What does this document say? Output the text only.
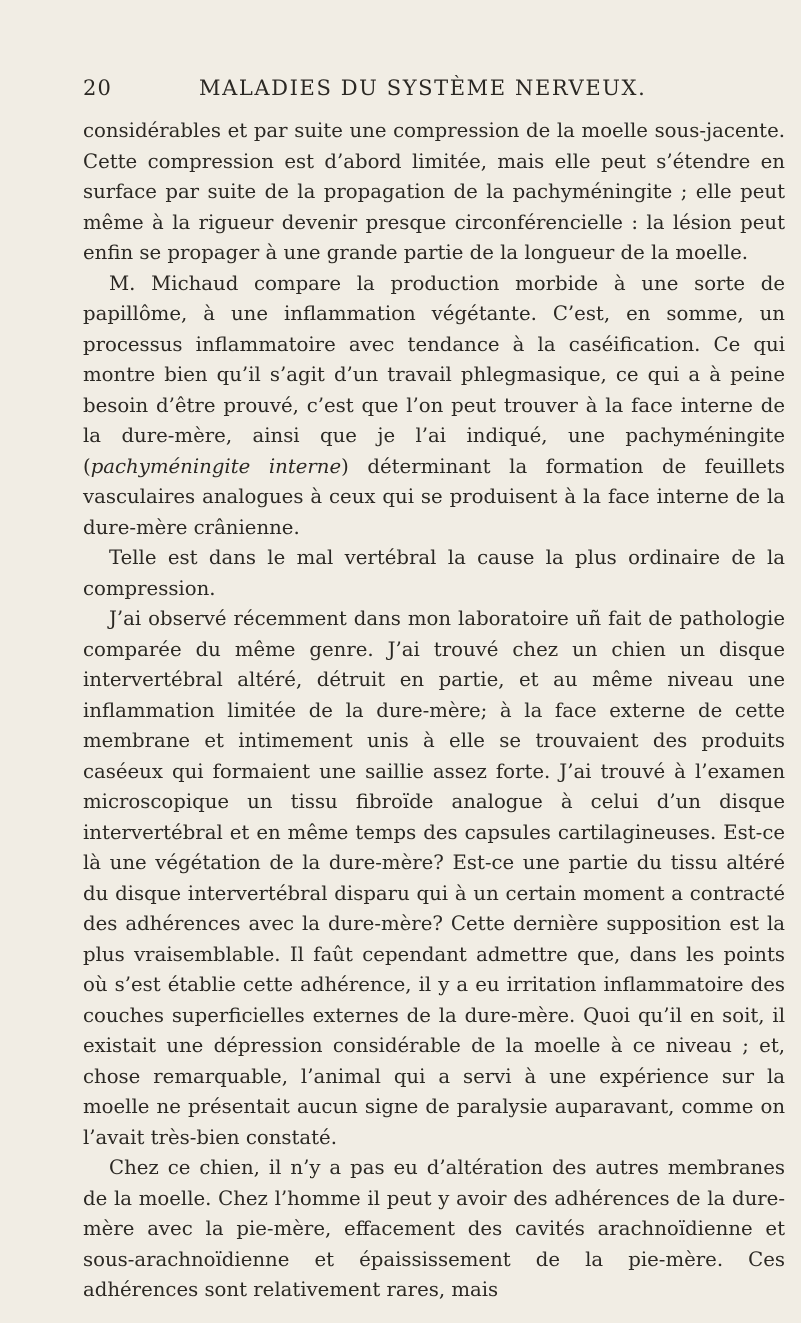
20	MALADIES DU SYSTÈME NERVEUX.

considérables et par suite une compression de la moelle sous-jacente. Cette compression est d’abord limitée, mais elle peut s’étendre en surface par suite de la propagation de la pachyméningite ; elle peut même à la rigueur devenir presque circonférencielle : la lésion peut enfin se propager à une grande partie de la longueur de la moelle.

M. Michaud compare la production morbide à une sorte de papillôme, à une inflammation végétante. C’est, en somme, un processus inflammatoire avec tendance à la caséification. Ce qui montre bien qu’il s’agit d’un travail phlegmasique, ce qui a à peine besoin d’être prouvé, c’est que l’on peut trouver à la face interne de la dure-mère, ainsi que je l’ai indiqué, une pachyméningite (pachyméningite interne) déterminant la formation de feuillets vasculaires analogues à ceux qui se produisent à la face interne de la dure-mère crânienne.

Telle est dans le mal vertébral la cause la plus ordinaire de la compression.

J’ai observé récemment dans mon laboratoire uñ fait de pathologie comparée du même genre. J’ai trouvé chez un chien un disque intervertébral altéré, détruit en partie, et au même niveau une inflammation limitée de la dure-mère; à la face externe de cette membrane et intimement unis à elle se trouvaient des produits caséeux qui formaient une saillie assez forte. J’ai trouvé à l’examen microscopique un tissu fibroïde analogue à celui d’un disque intervertébral et en même temps des capsules cartilagineuses. Est-ce là une végétation de la dure-mère? Est-ce une partie du tissu altéré du disque intervertébral disparu qui à un certain moment a contracté des adhérences avec la dure-mère? Cette dernière supposition est la plus vraisemblable. Il faût cependant admettre que, dans les points où s’est établie cette adhérence, il y a eu irritation inflammatoire des couches superficielles externes de la dure-mère. Quoi qu’il en soit, il existait une dépression considérable de la moelle à ce niveau ; et, chose remarquable, l’animal qui a servi à une expérience sur la moelle ne présentait aucun signe de paralysie auparavant, comme on l’avait très-bien constaté.

Chez ce chien, il n’y a pas eu d’altération des autres membranes de la moelle. Chez l’homme il peut y avoir des adhérences de la dure-mère avec la pie-mère, effacement des cavités arachnoïdienne et sous-arachnoïdienne et épaississement de la pie-mère. Ces adhérences sont relativement rares, mais
